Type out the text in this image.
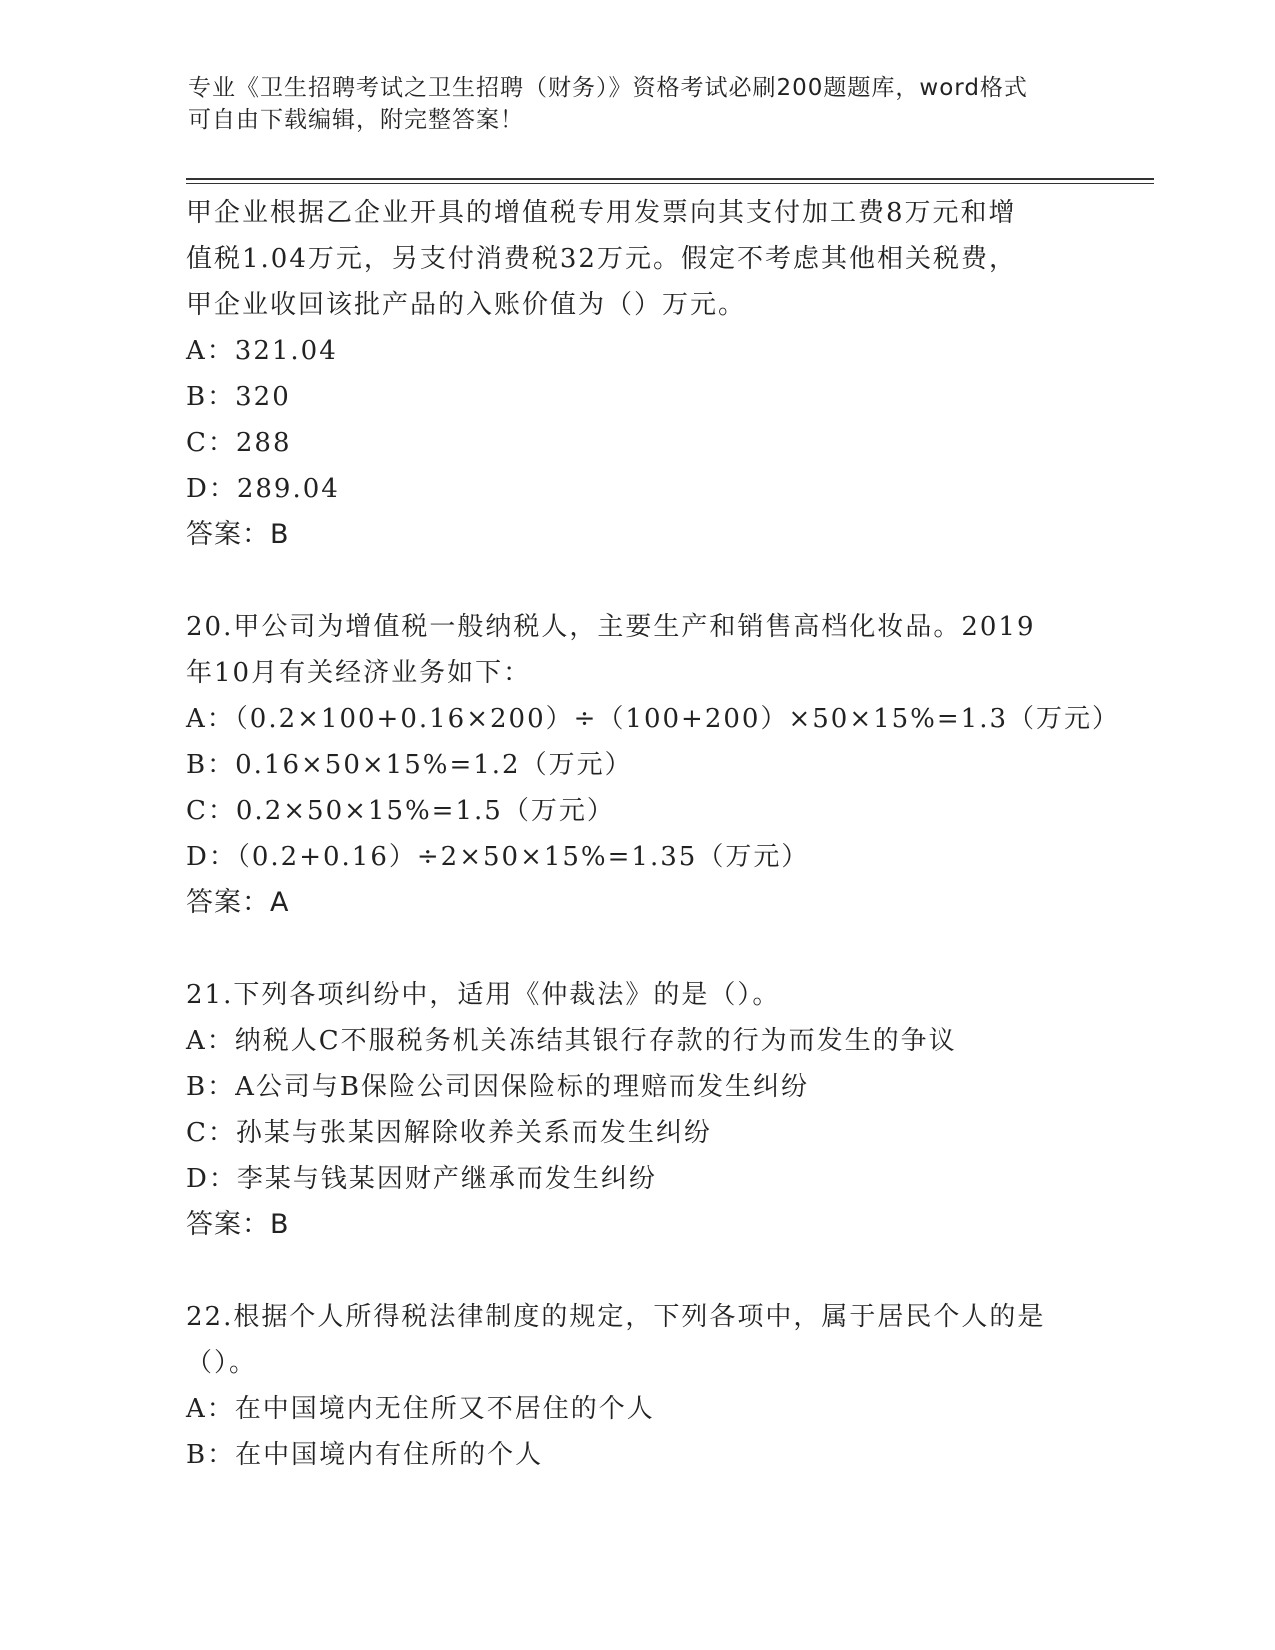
专业《卫生招聘考试之卫生招聘（财务）》资格考试必刷200题题库，word格式
可自由下载编辑，附完整答案！
甲企业根据乙企业开具的增值税专用发票向其支付加工费8万元和增
值税1.04万元，另支付消费税32万元。假定不考虑其他相关税费，
甲企业收回该批产品的入账价值为（）万元。
A：321.04
B：320
C：288
D：289.04
答案：B
20.甲公司为增值税一般纳税人，主要生产和销售高档化妆品。2019
年10月有关经济业务如下：
A：（0.2×100+0.16×200）÷（100+200）×50×15%=1.3（万元）
B：0.16×50×15%=1.2（万元）
C：0.2×50×15%=1.5（万元）
D：（0.2+0.16）÷2×50×15%=1.35（万元）
答案：A
21.下列各项纠纷中，适用《仲裁法》的是（）。
A：纳税人C不服税务机关冻结其银行存款的行为而发生的争议
B：A公司与B保险公司因保险标的理赔而发生纠纷
C：孙某与张某因解除收养关系而发生纠纷
D：李某与钱某因财产继承而发生纠纷
答案：B
22.根据个人所得税法律制度的规定，下列各项中，属于居民个人的是
（）。
A：在中国境内无住所又不居住的个人
B：在中国境内有住所的个人
